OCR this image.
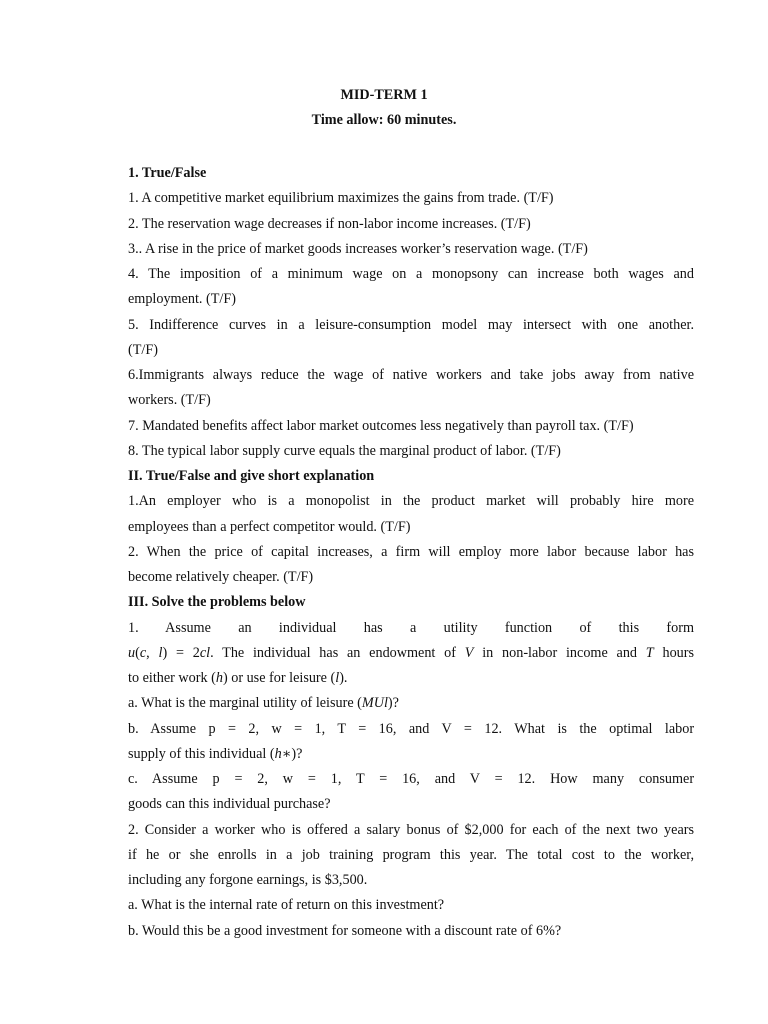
MID-TERM 1
Time allow: 60 minutes.
1. True/False
1. A competitive market equilibrium maximizes the gains from trade. (T/F)
2. The reservation wage decreases if non-labor income increases. (T/F)
3.. A rise in the price of market goods increases worker’s reservation wage. (T/F)
4. The imposition of a minimum wage on a monopsony can increase both wages and
employment. (T/F)
5. Indifference curves in a leisure-consumption model may intersect with one another.
(T/F)
6.Immigrants always reduce the wage of native workers and take jobs away from native
workers. (T/F)
7. Mandated benefits affect labor market outcomes less negatively than payroll tax. (T/F)
8. The typical labor supply curve equals the marginal product of labor. (T/F)
II. True/False and give short explanation
1.An employer who is a monopolist in the product market will probably hire more
employees than a perfect competitor would. (T/F)
2. When the price of capital increases, a firm will employ more labor because labor has
become relatively cheaper. (T/F)
III. Solve the problems below
1. Assume an individual has a utility function of this form
u(c, l) = 2cl. The individual has an endowment of V in non-labor income and T hours
to either work (h) or use for leisure (l).
a. What is the marginal utility of leisure (MUl)?
b. Assume p = 2, w = 1, T = 16, and V = 12. What is the optimal labor
supply of this individual (h∗)?
c. Assume p = 2, w = 1, T = 16, and V = 12. How many consumer
goods can this individual purchase?
2. Consider a worker who is offered a salary bonus of $2,000 for each of the next two years
if he or she enrolls in a job training program this year. The total cost to the worker,
including any forgone earnings, is $3,500.
a. What is the internal rate of return on this investment?
b. Would this be a good investment for someone with a discount rate of 6%?
